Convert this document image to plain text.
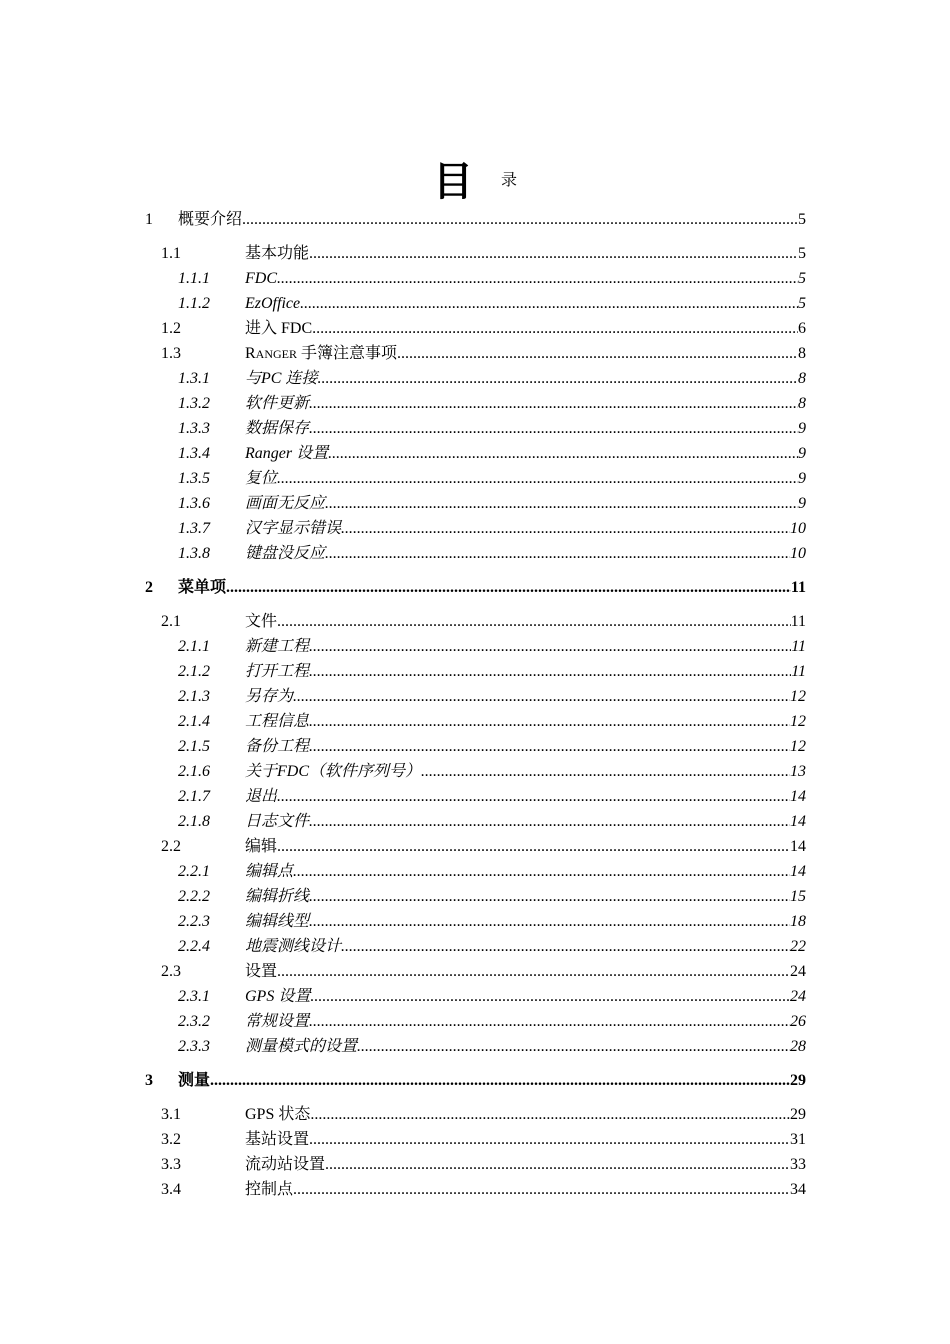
目 录
1 概要介绍 .....	5
1.1	基本功能 .....	5
1.1.1 FDC .....	5
1.1.2 EzOffice .....	5
1.2	进入 FDC .....	6
1.3	RANGER 手簿注意事项 .....	8
1.3.1 与PC 连接 .....	8
1.3.2 软件更新 .....	8
1.3.3 数据保存 .....	9
1.3.4 Ranger 设置 .....	9
1.3.5 复位 .....	9
1.3.6 画面无反应 .....	9
1.3.7 汉字显示错误 .....	10
1.3.8 键盘没反应 .....	10
2 菜单项 .....	11
2.1	文件 .....	11
2.1.1 新建工程 .....	11
2.1.2 打开工程 .....	11
2.1.3 另存为 .....	12
2.1.4 工程信息 .....	12
2.1.5 备份工程 .....	12
2.1.6 关于FDC（软件序列号） .....	13
2.1.7 退出 .....	14
2.1.8 日志文件 .....	14
2.2	编辑 .....	14
2.2.1 编辑点 .....	14
2.2.2 编辑折线 .....	15
2.2.3 编辑线型 .....	18
2.2.4 地震测线设计 .....	22
2.3	设置 .....	24
2.3.1 GPS 设置 .....	24
2.3.2 常规设置 .....	26
2.3.3 测量模式的设置 .....	28
3 测量 .....	29
3.1	GPS 状态 .....	29
3.2	基站设置 .....	31
3.3	流动站设置 .....	33
3.4	控制点 .....	34
